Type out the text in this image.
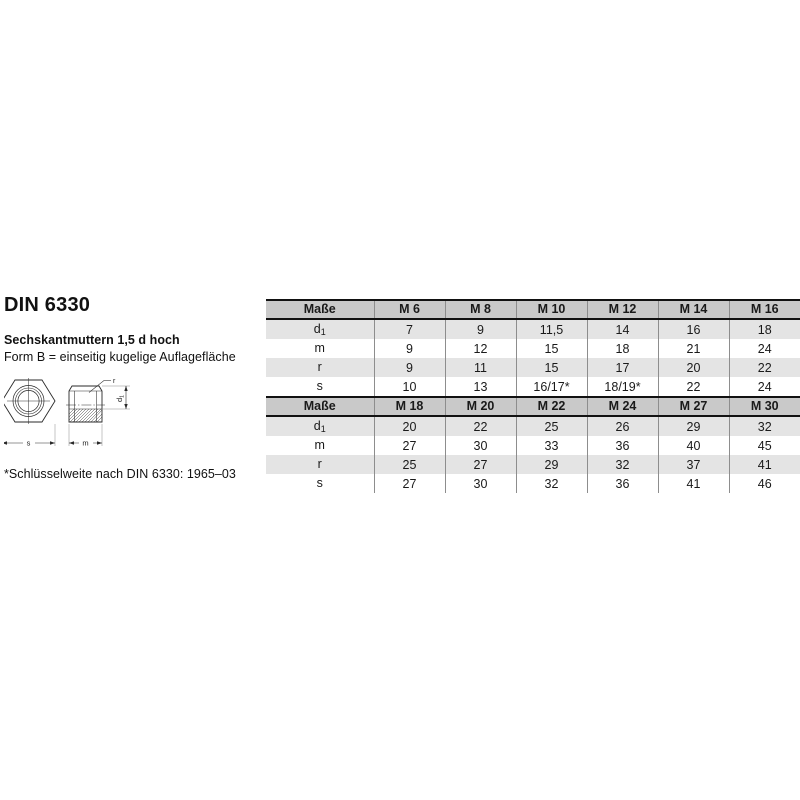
DIN 6330
Sechskantmuttern 1,5 d hoch
Form B = einseitig kugelige Auflagefläche
s	m
r
$d_1$
*Schlüsselweite nach DIN 6330: 1965–03
Maße	M 6	M 8	M 10	M 12	M 14	M 16
d1	7	9	11,5	14	16	18
m	9	12	15	18	21	24
r	9	11	15	17	20	22
s	10	13	16/17*	18/19*	22	24
Maße	M 18	M 20	M 22	M 24	M 27	M 30
d1	20	22	25	26	29	32
m	27	30	33	36	40	45
r	25	27	29	32	37	41
s	27	30	32	36	41	46
